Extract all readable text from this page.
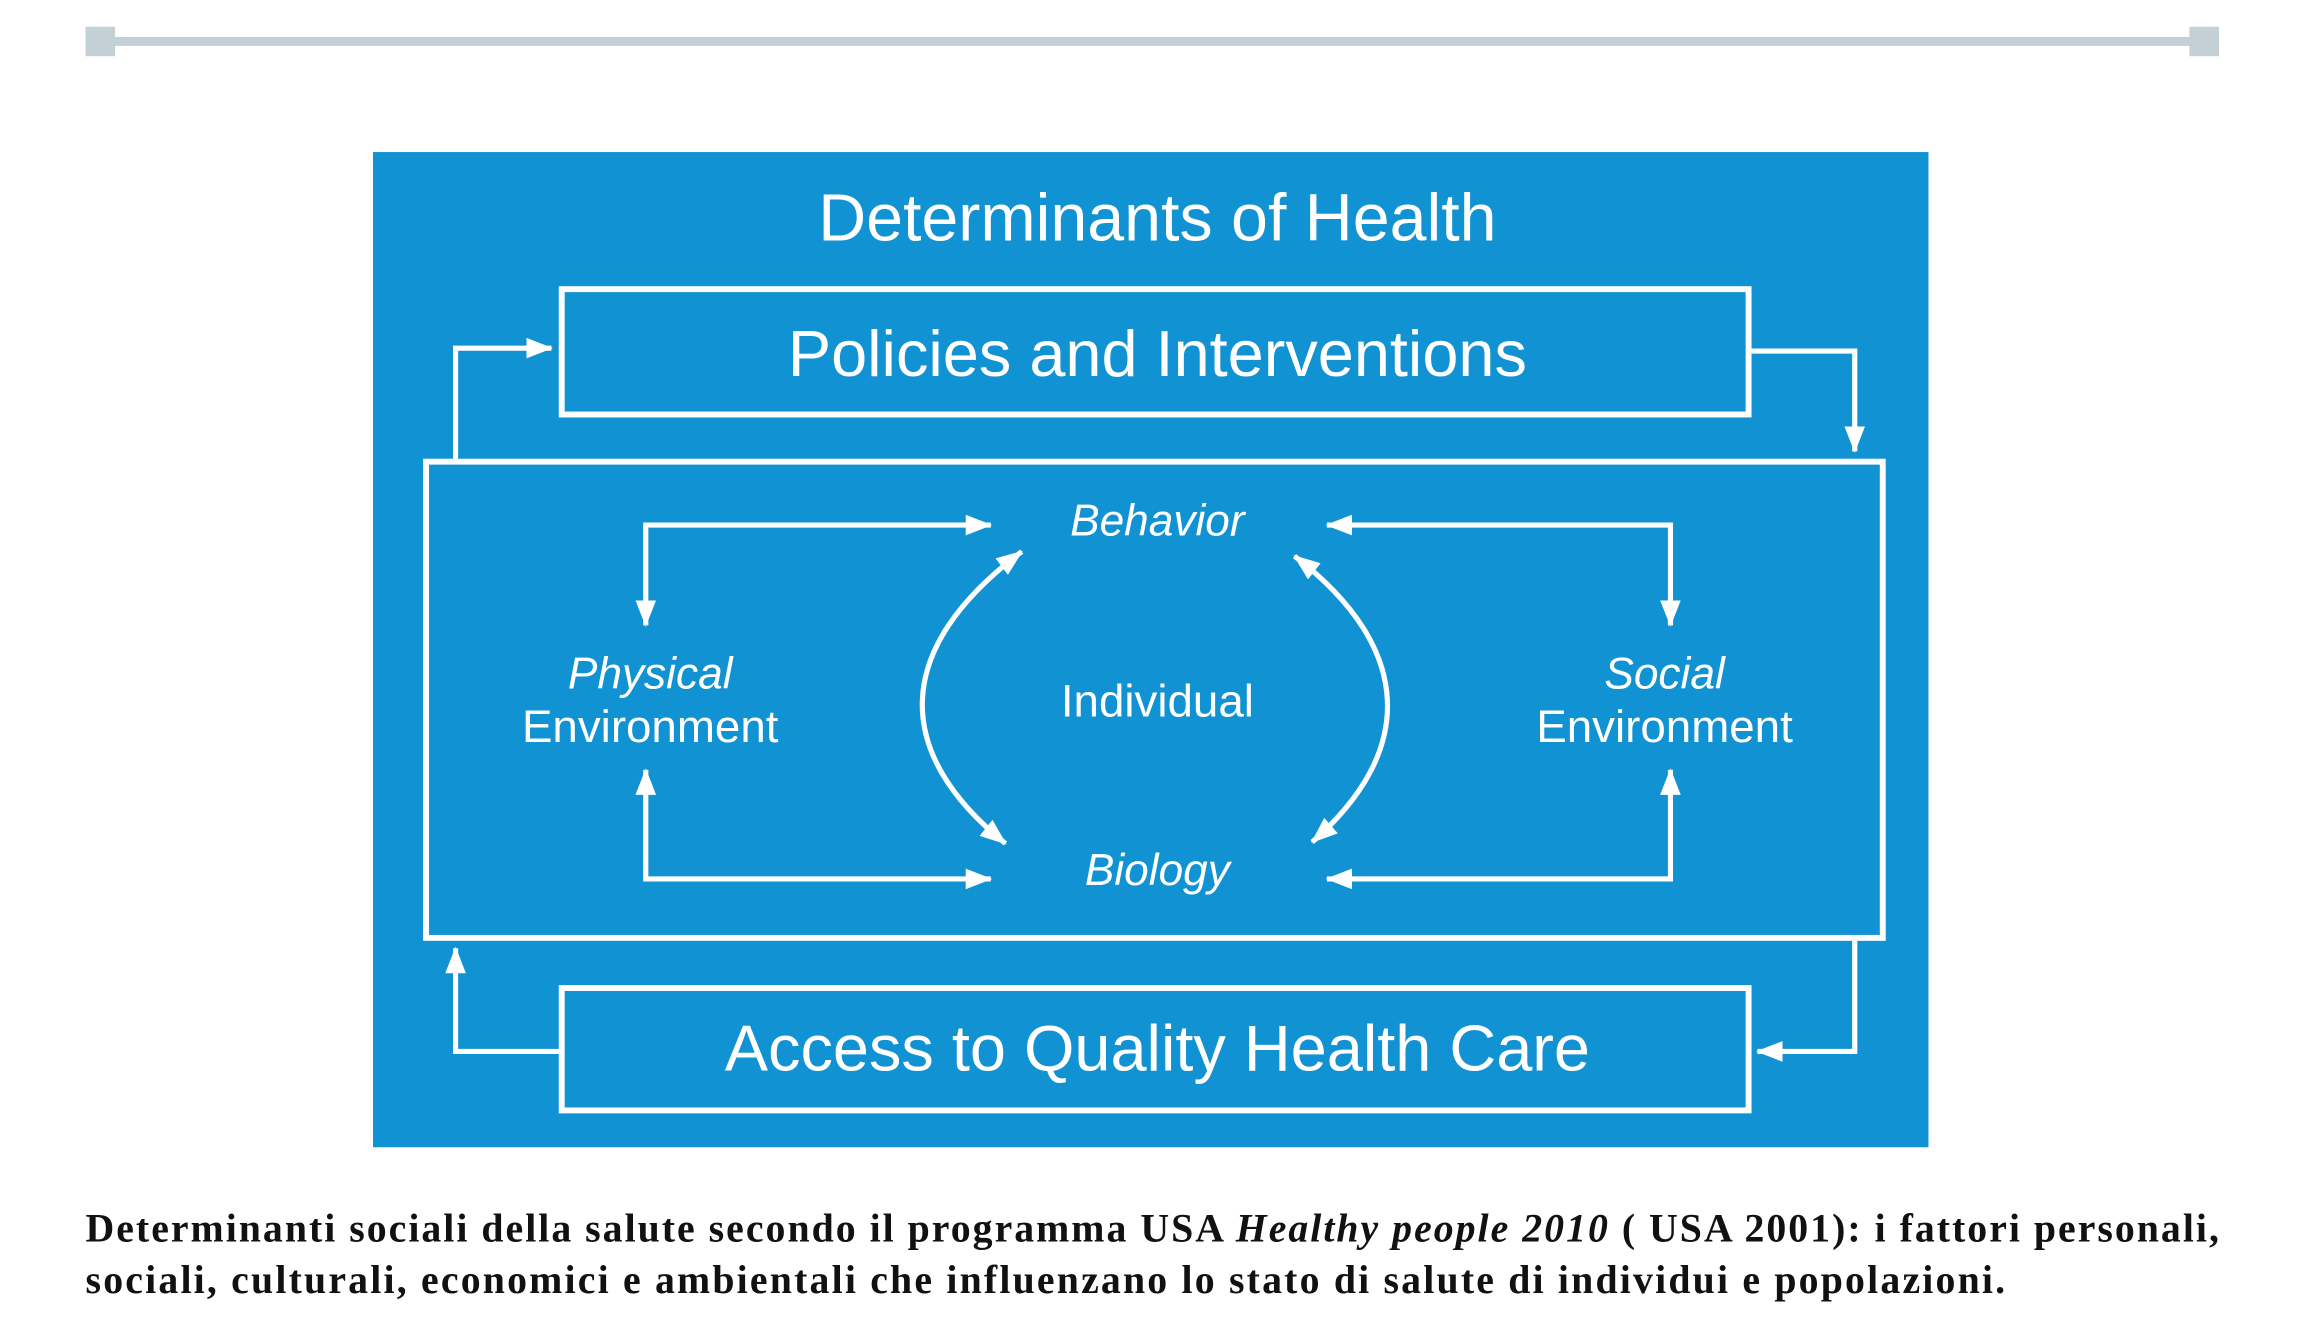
Determinants of Health
Policies and Interventions
Access to Quality Health Care
Behavior
Biology
Individual
Physical
Environment
Social
Environment
Determinanti sociali della salute secondo il programma USA Healthy people 2010 ( USA 2001): i fattori personali,
sociali, culturali, economici e ambientali che influenzano lo stato di salute di individui e popolazioni.
